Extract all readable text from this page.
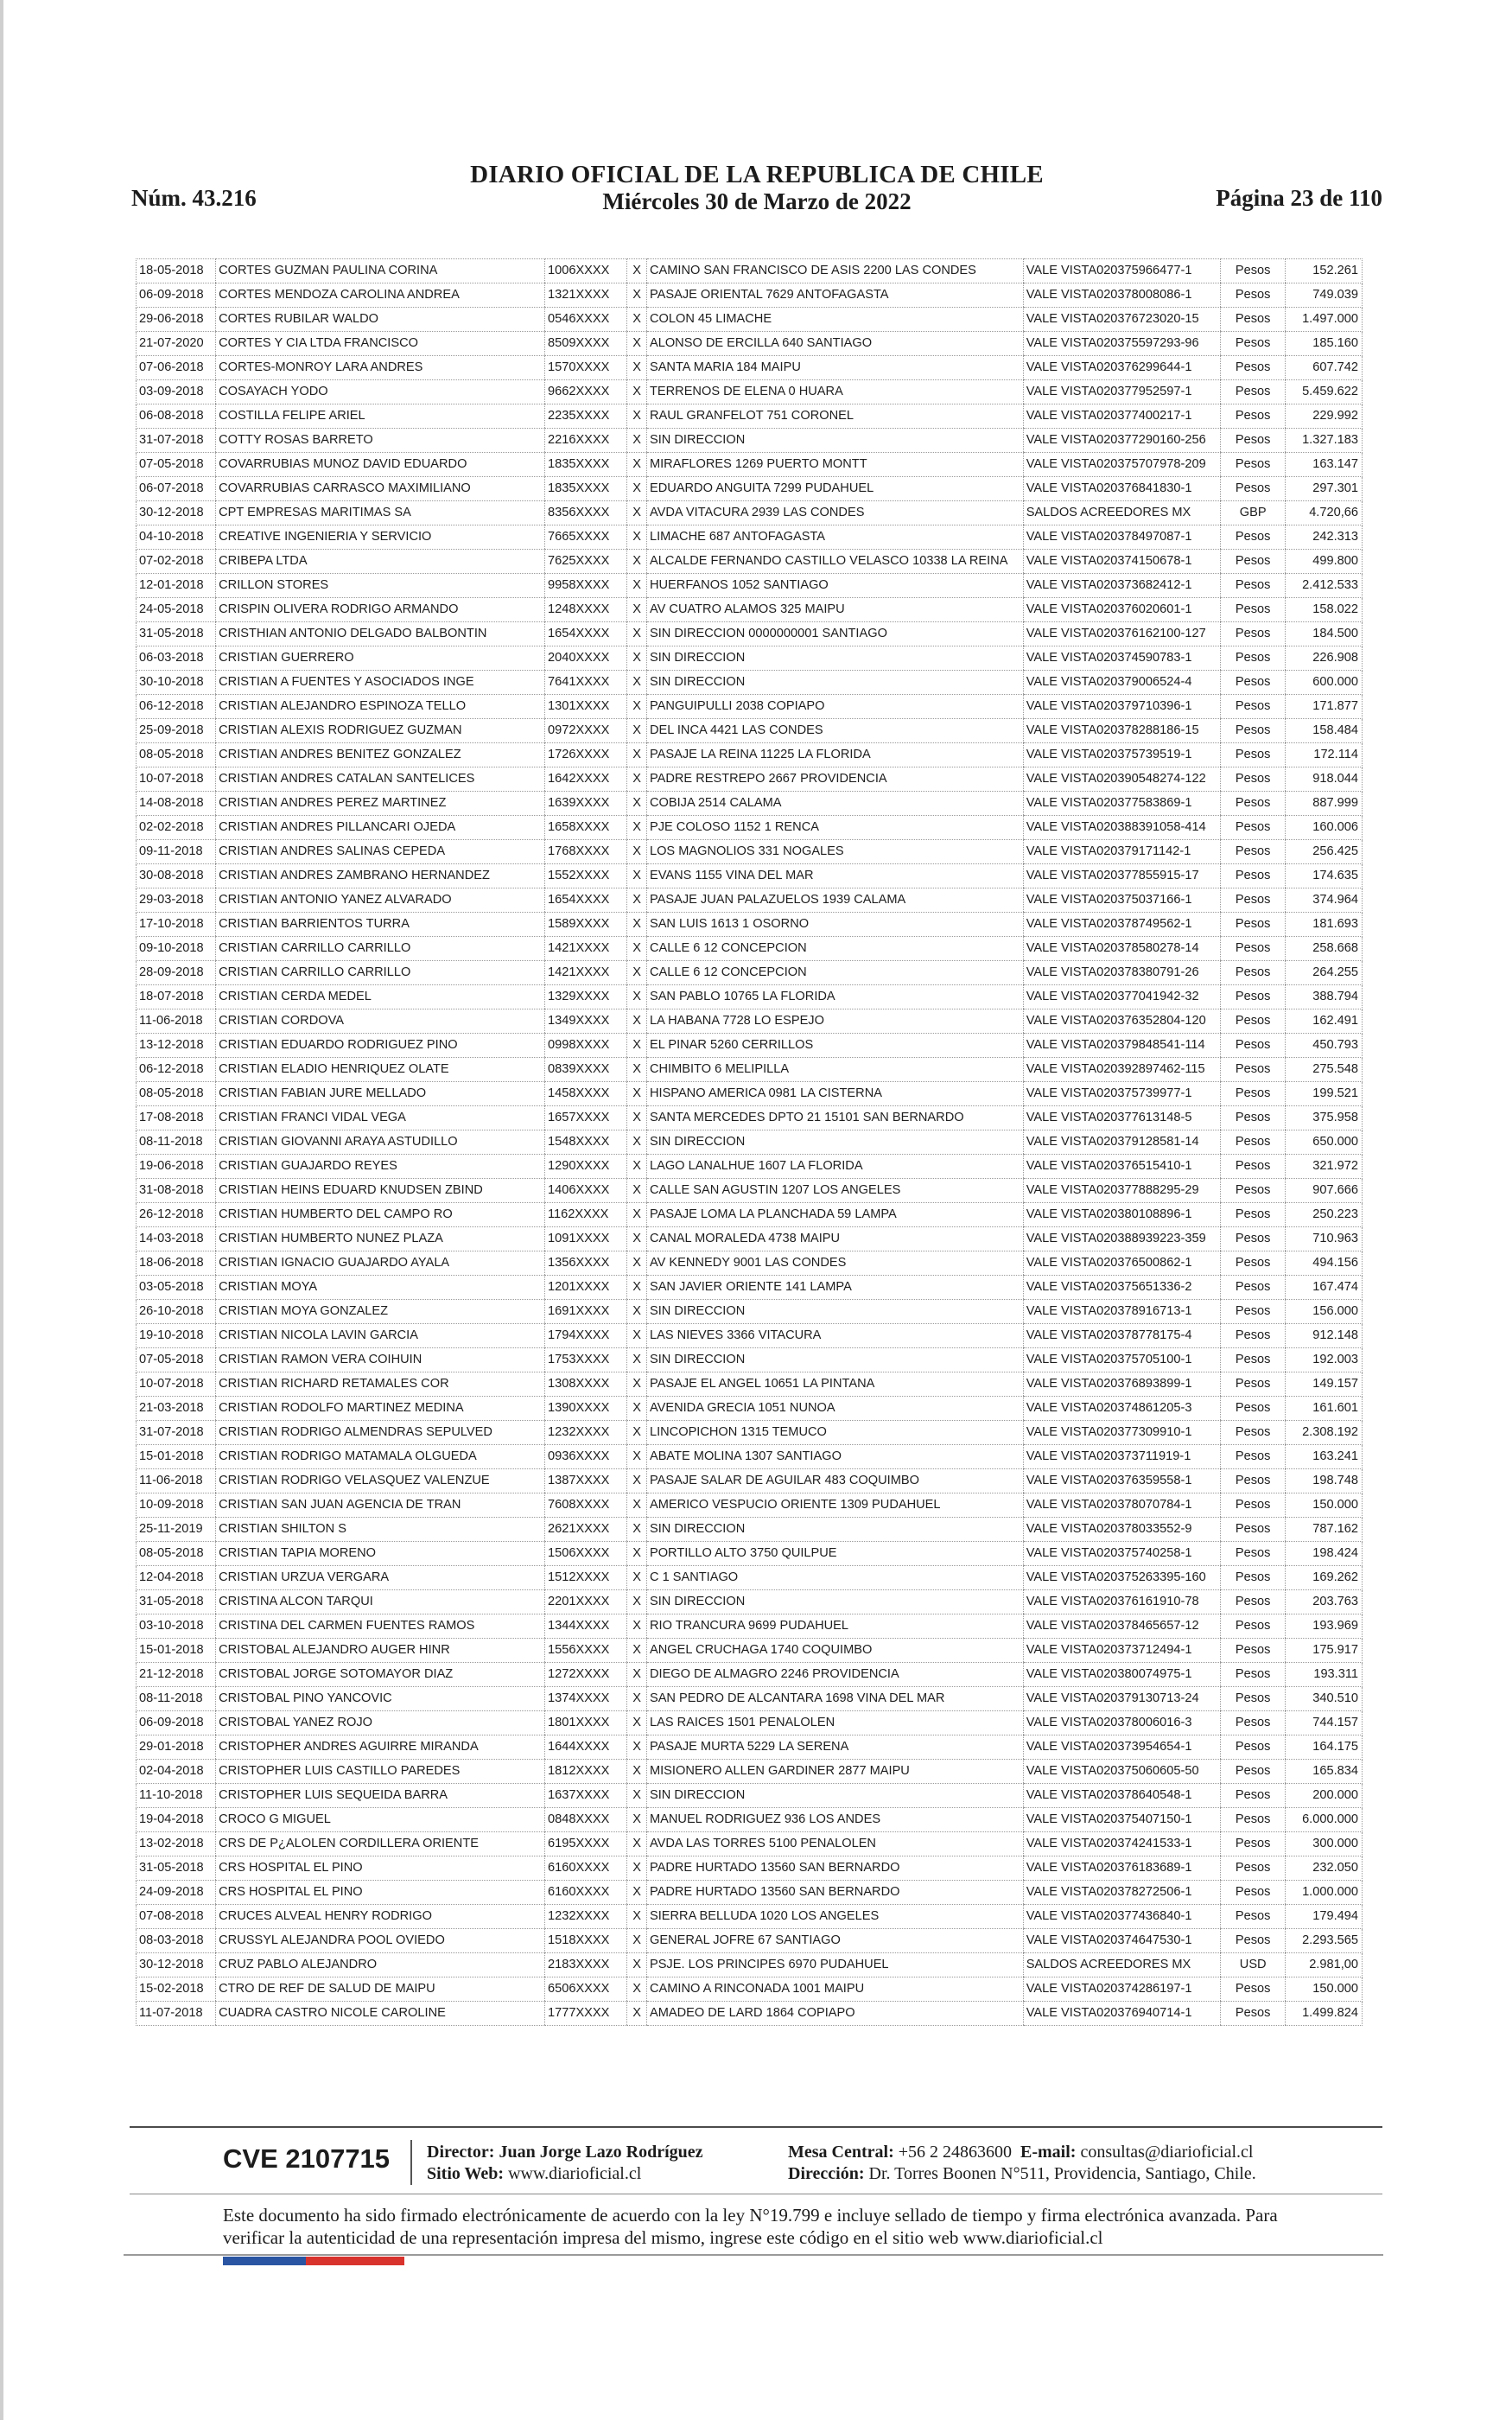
Núm. 43.216
DIARIO OFICIAL DE LA REPUBLICA DE CHILE
Miércoles 30 de Marzo de 2022	Página 23 de 110
18-05-2018	CORTES GUZMAN PAULINA CORINA	1006XXXX	X	CAMINO SAN FRANCISCO DE ASIS 2200 LAS CONDES	VALE VISTA020375966477-1	Pesos	152.261
06-09-2018	CORTES MENDOZA CAROLINA ANDREA	1321XXXX	X	PASAJE ORIENTAL 7629 ANTOFAGASTA	VALE VISTA020378008086-1	Pesos	749.039
29-06-2018	CORTES RUBILAR WALDO	0546XXXX	X	COLON 45 LIMACHE	VALE VISTA020376723020-15	Pesos	1.497.000
21-07-2020	CORTES Y CIA LTDA FRANCISCO	8509XXXX	X	ALONSO DE ERCILLA 640 SANTIAGO	VALE VISTA020375597293-96	Pesos	185.160
07-06-2018	CORTES-MONROY LARA ANDRES	1570XXXX	X	SANTA MARIA 184 MAIPU	VALE VISTA020376299644-1	Pesos	607.742
03-09-2018	COSAYACH YODO	9662XXXX	X	TERRENOS DE ELENA 0 HUARA	VALE VISTA020377952597-1	Pesos	5.459.622
06-08-2018	COSTILLA FELIPE ARIEL	2235XXXX	X	RAUL GRANFELOT 751 CORONEL	VALE VISTA020377400217-1	Pesos	229.992
31-07-2018	COTTY ROSAS BARRETO	2216XXXX	X	SIN DIRECCION	VALE VISTA020377290160-256	Pesos	1.327.183
07-05-2018	COVARRUBIAS MUNOZ DAVID EDUARDO	1835XXXX	X	MIRAFLORES 1269 PUERTO MONTT	VALE VISTA020375707978-209	Pesos	163.147
06-07-2018	COVARRUBIAS CARRASCO MAXIMILIANO	1835XXXX	X	EDUARDO ANGUITA 7299 PUDAHUEL	VALE VISTA020376841830-1	Pesos	297.301
30-12-2018	CPT EMPRESAS MARITIMAS SA	8356XXXX	X	AVDA VITACURA 2939 LAS CONDES	SALDOS ACREEDORES MX	GBP	4.720,66
04-10-2018	CREATIVE INGENIERIA Y SERVICIO	7665XXXX	X	LIMACHE 687 ANTOFAGASTA	VALE VISTA020378497087-1	Pesos	242.313
07-02-2018	CRIBEPA LTDA	7625XXXX	X	ALCALDE FERNANDO CASTILLO VELASCO 10338 LA REINA	VALE VISTA020374150678-1	Pesos	499.800
12-01-2018	CRILLON STORES	9958XXXX	X	HUERFANOS 1052 SANTIAGO	VALE VISTA020373682412-1	Pesos	2.412.533
24-05-2018	CRISPIN OLIVERA RODRIGO ARMANDO	1248XXXX	X	AV CUATRO ALAMOS 325 MAIPU	VALE VISTA020376020601-1	Pesos	158.022
31-05-2018	CRISTHIAN ANTONIO DELGADO BALBONTIN	1654XXXX	X	SIN DIRECCION 0000000001 SANTIAGO	VALE VISTA020376162100-127	Pesos	184.500
06-03-2018	CRISTIAN GUERRERO	2040XXXX	X	SIN DIRECCION	VALE VISTA020374590783-1	Pesos	226.908
30-10-2018	CRISTIAN A FUENTES Y ASOCIADOS INGE	7641XXXX	X	SIN DIRECCION	VALE VISTA020379006524-4	Pesos	600.000
06-12-2018	CRISTIAN ALEJANDRO ESPINOZA TELLO	1301XXXX	X	PANGUIPULLI 2038 COPIAPO	VALE VISTA020379710396-1	Pesos	171.877
25-09-2018	CRISTIAN ALEXIS RODRIGUEZ GUZMAN	0972XXXX	X	DEL INCA 4421 LAS CONDES	VALE VISTA020378288186-15	Pesos	158.484
08-05-2018	CRISTIAN ANDRES BENITEZ GONZALEZ	1726XXXX	X	PASAJE LA REINA 11225 LA FLORIDA	VALE VISTA020375739519-1	Pesos	172.114
10-07-2018	CRISTIAN ANDRES CATALAN SANTELICES	1642XXXX	X	PADRE RESTREPO 2667 PROVIDENCIA	VALE VISTA020390548274-122	Pesos	918.044
14-08-2018	CRISTIAN ANDRES PEREZ MARTINEZ	1639XXXX	X	COBIJA 2514 CALAMA	VALE VISTA020377583869-1	Pesos	887.999
02-02-2018	CRISTIAN ANDRES PILLANCARI OJEDA	1658XXXX	X	PJE COLOSO 1152 1 RENCA	VALE VISTA020388391058-414	Pesos	160.006
09-11-2018	CRISTIAN ANDRES SALINAS CEPEDA	1768XXXX	X	LOS MAGNOLIOS 331 NOGALES	VALE VISTA020379171142-1	Pesos	256.425
30-08-2018	CRISTIAN ANDRES ZAMBRANO HERNANDEZ	1552XXXX	X	EVANS 1155 VINA DEL MAR	VALE VISTA020377855915-17	Pesos	174.635
29-03-2018	CRISTIAN ANTONIO YANEZ ALVARADO	1654XXXX	X	PASAJE JUAN PALAZUELOS 1939 CALAMA	VALE VISTA020375037166-1	Pesos	374.964
17-10-2018	CRISTIAN BARRIENTOS TURRA	1589XXXX	X	SAN LUIS 1613 1 OSORNO	VALE VISTA020378749562-1	Pesos	181.693
09-10-2018	CRISTIAN CARRILLO CARRILLO	1421XXXX	X	CALLE 6 12 CONCEPCION	VALE VISTA020378580278-14	Pesos	258.668
28-09-2018	CRISTIAN CARRILLO CARRILLO	1421XXXX	X	CALLE 6 12 CONCEPCION	VALE VISTA020378380791-26	Pesos	264.255
18-07-2018	CRISTIAN CERDA MEDEL	1329XXXX	X	SAN PABLO 10765 LA FLORIDA	VALE VISTA020377041942-32	Pesos	388.794
11-06-2018	CRISTIAN CORDOVA	1349XXXX	X	LA HABANA 7728 LO ESPEJO	VALE VISTA020376352804-120	Pesos	162.491
13-12-2018	CRISTIAN EDUARDO RODRIGUEZ PINO	0998XXXX	X	EL PINAR 5260 CERRILLOS	VALE VISTA020379848541-114	Pesos	450.793
06-12-2018	CRISTIAN ELADIO HENRIQUEZ OLATE	0839XXXX	X	CHIMBITO 6 MELIPILLA	VALE VISTA020392897462-115	Pesos	275.548
08-05-2018	CRISTIAN FABIAN JURE MELLADO	1458XXXX	X	HISPANO AMERICA 0981 LA CISTERNA	VALE VISTA020375739977-1	Pesos	199.521
17-08-2018	CRISTIAN FRANCI VIDAL VEGA	1657XXXX	X	SANTA MERCEDES DPTO 21 15101 SAN BERNARDO	VALE VISTA020377613148-5	Pesos	375.958
08-11-2018	CRISTIAN GIOVANNI ARAYA ASTUDILLO	1548XXXX	X	SIN DIRECCION	VALE VISTA020379128581-14	Pesos	650.000
19-06-2018	CRISTIAN GUAJARDO REYES	1290XXXX	X	LAGO LANALHUE 1607 LA FLORIDA	VALE VISTA020376515410-1	Pesos	321.972
31-08-2018	CRISTIAN HEINS EDUARD KNUDSEN ZBIND	1406XXXX	X	CALLE SAN AGUSTIN 1207 LOS ANGELES	VALE VISTA020377888295-29	Pesos	907.666
26-12-2018	CRISTIAN HUMBERTO DEL CAMPO RO	1162XXXX	X	PASAJE LOMA LA PLANCHADA 59 LAMPA	VALE VISTA020380108896-1	Pesos	250.223
14-03-2018	CRISTIAN HUMBERTO NUNEZ PLAZA	1091XXXX	X	CANAL MORALEDA 4738 MAIPU	VALE VISTA020388939223-359	Pesos	710.963
18-06-2018	CRISTIAN IGNACIO GUAJARDO AYALA	1356XXXX	X	AV KENNEDY 9001 LAS CONDES	VALE VISTA020376500862-1	Pesos	494.156
03-05-2018	CRISTIAN MOYA	1201XXXX	X	SAN JAVIER ORIENTE 141 LAMPA	VALE VISTA020375651336-2	Pesos	167.474
26-10-2018	CRISTIAN MOYA GONZALEZ	1691XXXX	X	SIN DIRECCION	VALE VISTA020378916713-1	Pesos	156.000
19-10-2018	CRISTIAN NICOLA LAVIN GARCIA	1794XXXX	X	LAS NIEVES 3366 VITACURA	VALE VISTA020378778175-4	Pesos	912.148
07-05-2018	CRISTIAN RAMON VERA COIHUIN	1753XXXX	X	SIN DIRECCION	VALE VISTA020375705100-1	Pesos	192.003
10-07-2018	CRISTIAN RICHARD RETAMALES COR	1308XXXX	X	PASAJE EL ANGEL 10651 LA PINTANA	VALE VISTA020376893899-1	Pesos	149.157
21-03-2018	CRISTIAN RODOLFO MARTINEZ MEDINA	1390XXXX	X	AVENIDA GRECIA 1051 NUNOA	VALE VISTA020374861205-3	Pesos	161.601
31-07-2018	CRISTIAN RODRIGO ALMENDRAS SEPULVED	1232XXXX	X	LINCOPICHON 1315 TEMUCO	VALE VISTA020377309910-1	Pesos	2.308.192
15-01-2018	CRISTIAN RODRIGO MATAMALA OLGUEDA	0936XXXX	X	ABATE MOLINA 1307 SANTIAGO	VALE VISTA020373711919-1	Pesos	163.241
11-06-2018	CRISTIAN RODRIGO VELASQUEZ VALENZUE	1387XXXX	X	PASAJE SALAR DE AGUILAR 483 COQUIMBO	VALE VISTA020376359558-1	Pesos	198.748
10-09-2018	CRISTIAN SAN JUAN AGENCIA DE TRAN	7608XXXX	X	AMERICO VESPUCIO ORIENTE 1309 PUDAHUEL	VALE VISTA020378070784-1	Pesos	150.000
25-11-2019	CRISTIAN SHILTON S	2621XXXX	X	SIN DIRECCION	VALE VISTA020378033552-9	Pesos	787.162
08-05-2018	CRISTIAN TAPIA MORENO	1506XXXX	X	PORTILLO ALTO 3750 QUILPUE	VALE VISTA020375740258-1	Pesos	198.424
12-04-2018	CRISTIAN URZUA VERGARA	1512XXXX	X	C 1 SANTIAGO	VALE VISTA020375263395-160	Pesos	169.262
31-05-2018	CRISTINA ALCON TARQUI	2201XXXX	X	SIN DIRECCION	VALE VISTA020376161910-78	Pesos	203.763
03-10-2018	CRISTINA DEL CARMEN FUENTES RAMOS	1344XXXX	X	RIO TRANCURA 9699 PUDAHUEL	VALE VISTA020378465657-12	Pesos	193.969
15-01-2018	CRISTOBAL ALEJANDRO AUGER HINR	1556XXXX	X	ANGEL CRUCHAGA 1740 COQUIMBO	VALE VISTA020373712494-1	Pesos	175.917
21-12-2018	CRISTOBAL JORGE SOTOMAYOR DIAZ	1272XXXX	X	DIEGO DE ALMAGRO 2246 PROVIDENCIA	VALE VISTA020380074975-1	Pesos	193.311
08-11-2018	CRISTOBAL PINO YANCOVIC	1374XXXX	X	SAN PEDRO DE ALCANTARA 1698 VINA DEL MAR	VALE VISTA020379130713-24	Pesos	340.510
06-09-2018	CRISTOBAL YANEZ ROJO	1801XXXX	X	LAS RAICES 1501 PENALOLEN	VALE VISTA020378006016-3	Pesos	744.157
29-01-2018	CRISTOPHER ANDRES AGUIRRE MIRANDA	1644XXXX	X	PASAJE MURTA 5229 LA SERENA	VALE VISTA020373954654-1	Pesos	164.175
02-04-2018	CRISTOPHER LUIS CASTILLO PAREDES	1812XXXX	X	MISIONERO ALLEN GARDINER 2877 MAIPU	VALE VISTA020375060605-50	Pesos	165.834
11-10-2018	CRISTOPHER LUIS SEQUEIDA BARRA	1637XXXX	X	SIN DIRECCION	VALE VISTA020378640548-1	Pesos	200.000
19-04-2018	CROCO G MIGUEL	0848XXXX	X	MANUEL RODRIGUEZ 936 LOS ANDES	VALE VISTA020375407150-1	Pesos	6.000.000
13-02-2018	CRS DE P¿ALOLEN CORDILLERA ORIENTE	6195XXXX	X	AVDA LAS TORRES 5100 PENALOLEN	VALE VISTA020374241533-1	Pesos	300.000
31-05-2018	CRS HOSPITAL EL PINO	6160XXXX	X	PADRE HURTADO 13560 SAN BERNARDO	VALE VISTA020376183689-1	Pesos	232.050
24-09-2018	CRS HOSPITAL EL PINO	6160XXXX	X	PADRE HURTADO 13560 SAN BERNARDO	VALE VISTA020378272506-1	Pesos	1.000.000
07-08-2018	CRUCES ALVEAL HENRY RODRIGO	1232XXXX	X	SIERRA BELLUDA 1020 LOS ANGELES	VALE VISTA020377436840-1	Pesos	179.494
08-03-2018	CRUSSYL ALEJANDRA POOL OVIEDO	1518XXXX	X	GENERAL JOFRE 67 SANTIAGO	VALE VISTA020374647530-1	Pesos	2.293.565
30-12-2018	CRUZ PABLO ALEJANDRO	2183XXXX	X	PSJE. LOS PRINCIPES 6970 PUDAHUEL	SALDOS ACREEDORES MX	USD	2.981,00
15-02-2018	CTRO DE REF DE SALUD DE MAIPU	6506XXXX	X	CAMINO A RINCONADA 1001 MAIPU	VALE VISTA020374286197-1	Pesos	150.000
11-07-2018	CUADRA CASTRO NICOLE CAROLINE	1777XXXX	X	AMADEO DE LARD 1864 COPIAPO	VALE VISTA020376940714-1	Pesos	1.499.824
CVE 2107715 Director: Juan Jorge Lazo Rodríguez
Sitio Web: www.diarioficial.cl
Mesa Central: +56 2 24863600 E-mail: consultas@diarioficial.cl
Dirección: Dr. Torres Boonen N°511, Providencia, Santiago, Chile.
Este documento ha sido firmado electrónicamente de acuerdo con la ley N°19.799 e incluye sellado de tiempo y firma electrónica avanzada. Para verificar la autenticidad de una representación impresa del mismo, ingrese este código en el sitio web www.diarioficial.cl
